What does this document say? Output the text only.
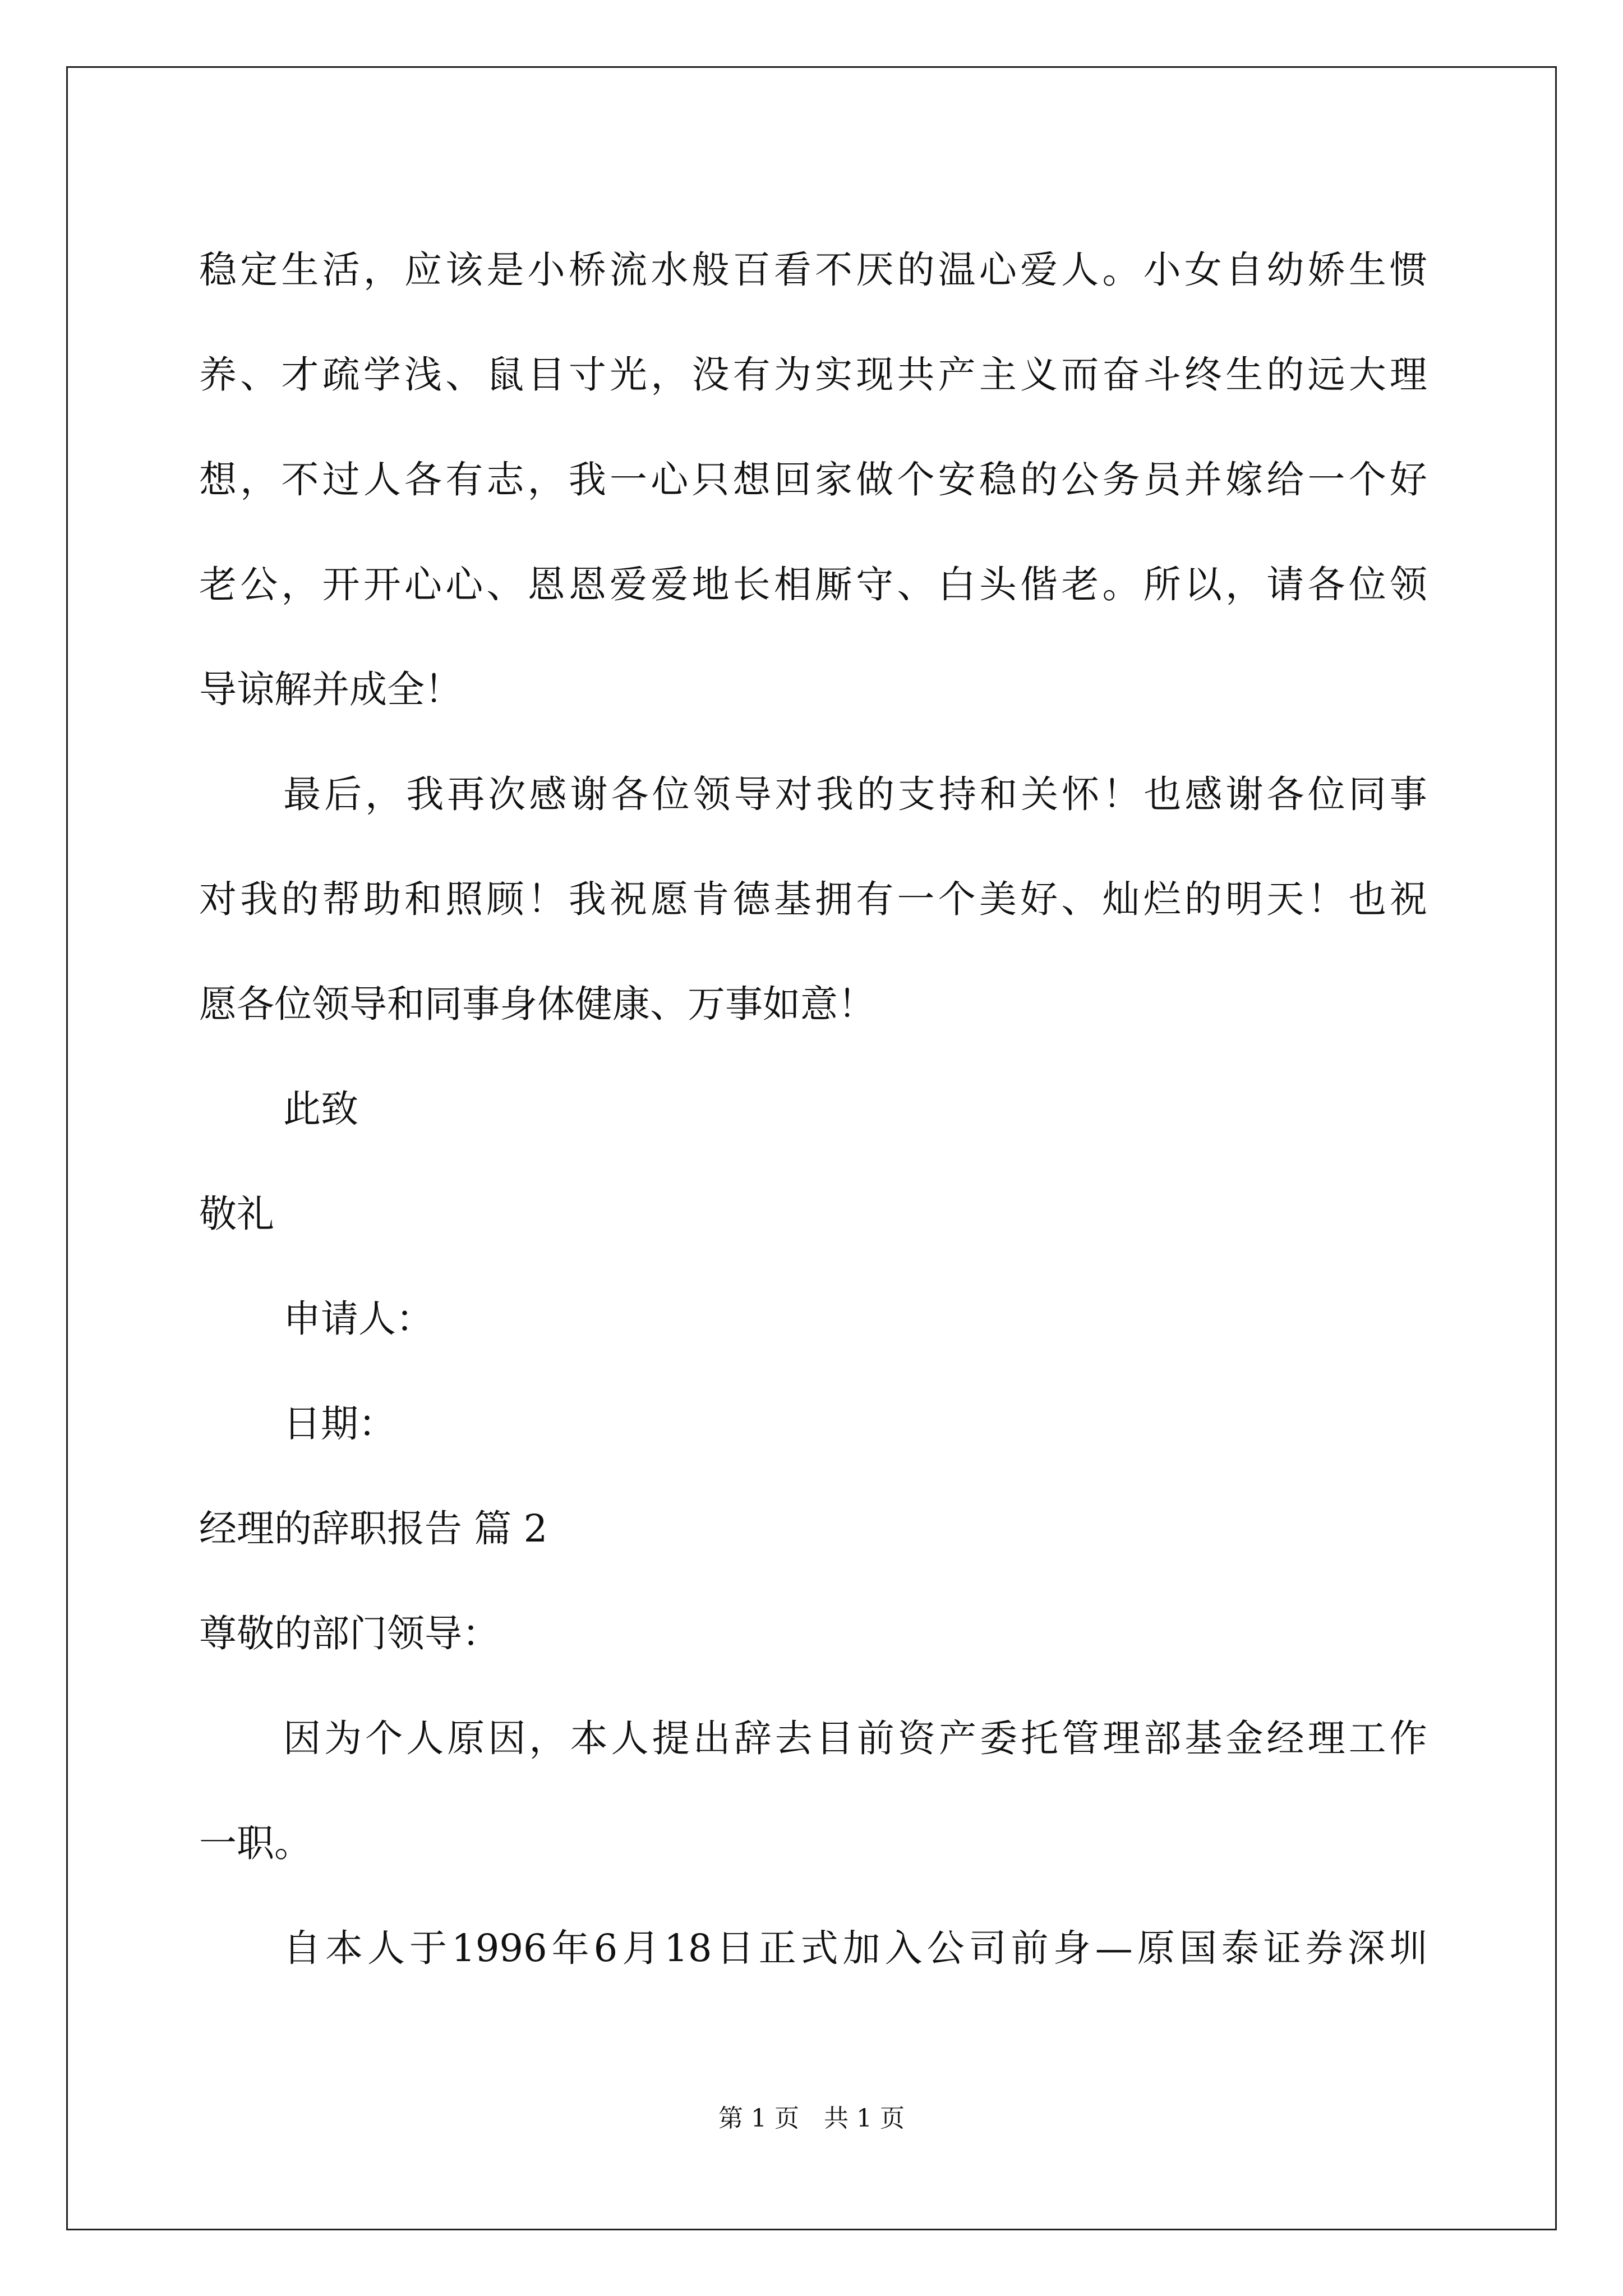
稳 定 生 活 ， 应 该 是 小 桥 流 水 般 百 看 不 厌 的 温 心 爱 人 。 小 女 自 幼 娇 生 惯
养 、 才 疏 学 浅 、 鼠 目 寸 光 ， 没 有 为 实 现 共 产 主 义 而 奋 斗 终 生 的 远 大 理
想 ， 不 过 人 各 有 志 ， 我 一 心 只 想 回 家 做 个 安 稳 的 公 务 员 并 嫁 给 一 个 好
老 公 ， 开 开 心 心 、 恩 恩 爱 爱 地 长 相 厮 守 、 白 头 偕 老 。 所 以 ， 请 各 位 领
导谅解并成全！
最 后 ， 我 再 次 感 谢 各 位 领 导 对 我 的 支 持 和 关 怀 ！ 也 感 谢 各 位 同 事
对 我 的 帮 助 和 照 顾 ！ 我 祝 愿 肯 德 基 拥 有 一 个 美 好 、 灿 烂 的 明 天 ！ 也 祝
愿各位领导和同事身体健康、万事如意！
此致
敬礼
申请人：
日期：
经理的辞职报告 篇 2
尊敬的部门领导：
因 为 个 人 原 因 ， 本 人 提 出 辞 去 目 前 资 产 委 托 管 理 部 基 金 经 理 工 作
一职。
自 本 人 于 1996 年 6 月 18 日 正 式 加 入 公 司 前 身 — 原 国 泰 证 券 深 圳
第 1 页　共 1 页
